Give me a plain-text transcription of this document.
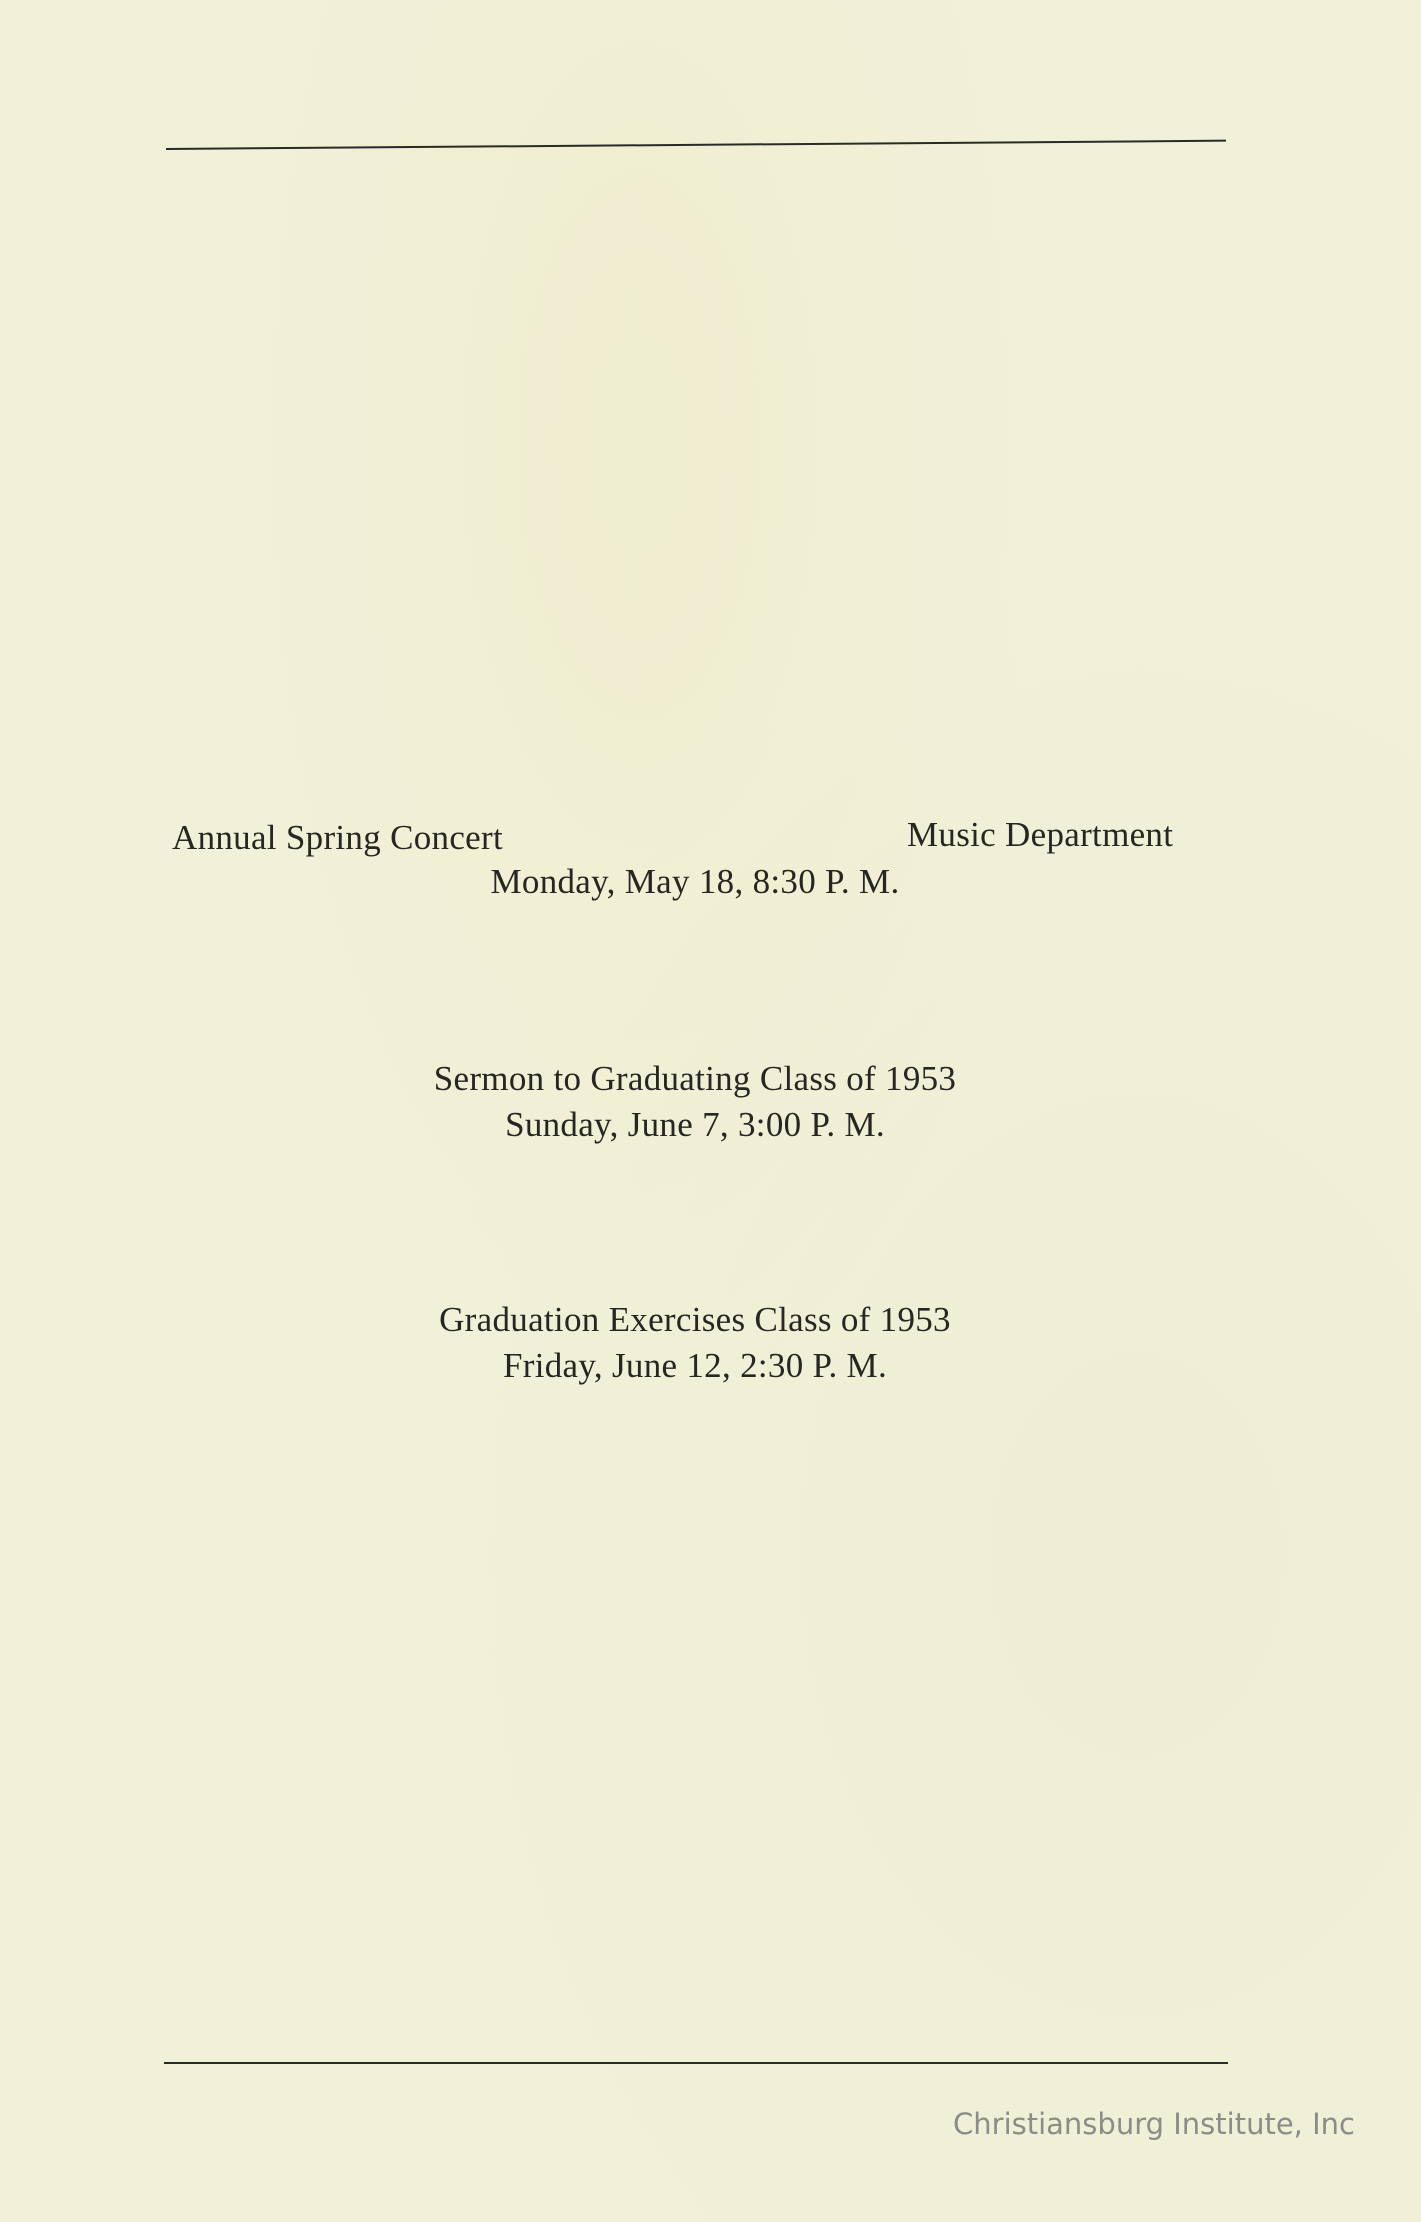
Annual Spring Concert	Music Department
Monday, May 18, 8:30 P. M.
Sermon to Graduating Class of 1953
Sunday, June 7, 3:00 P. M.
Graduation Exercises Class of 1953
Friday, June 12, 2:30 P. M.
Christiansburg Institute, Inc
